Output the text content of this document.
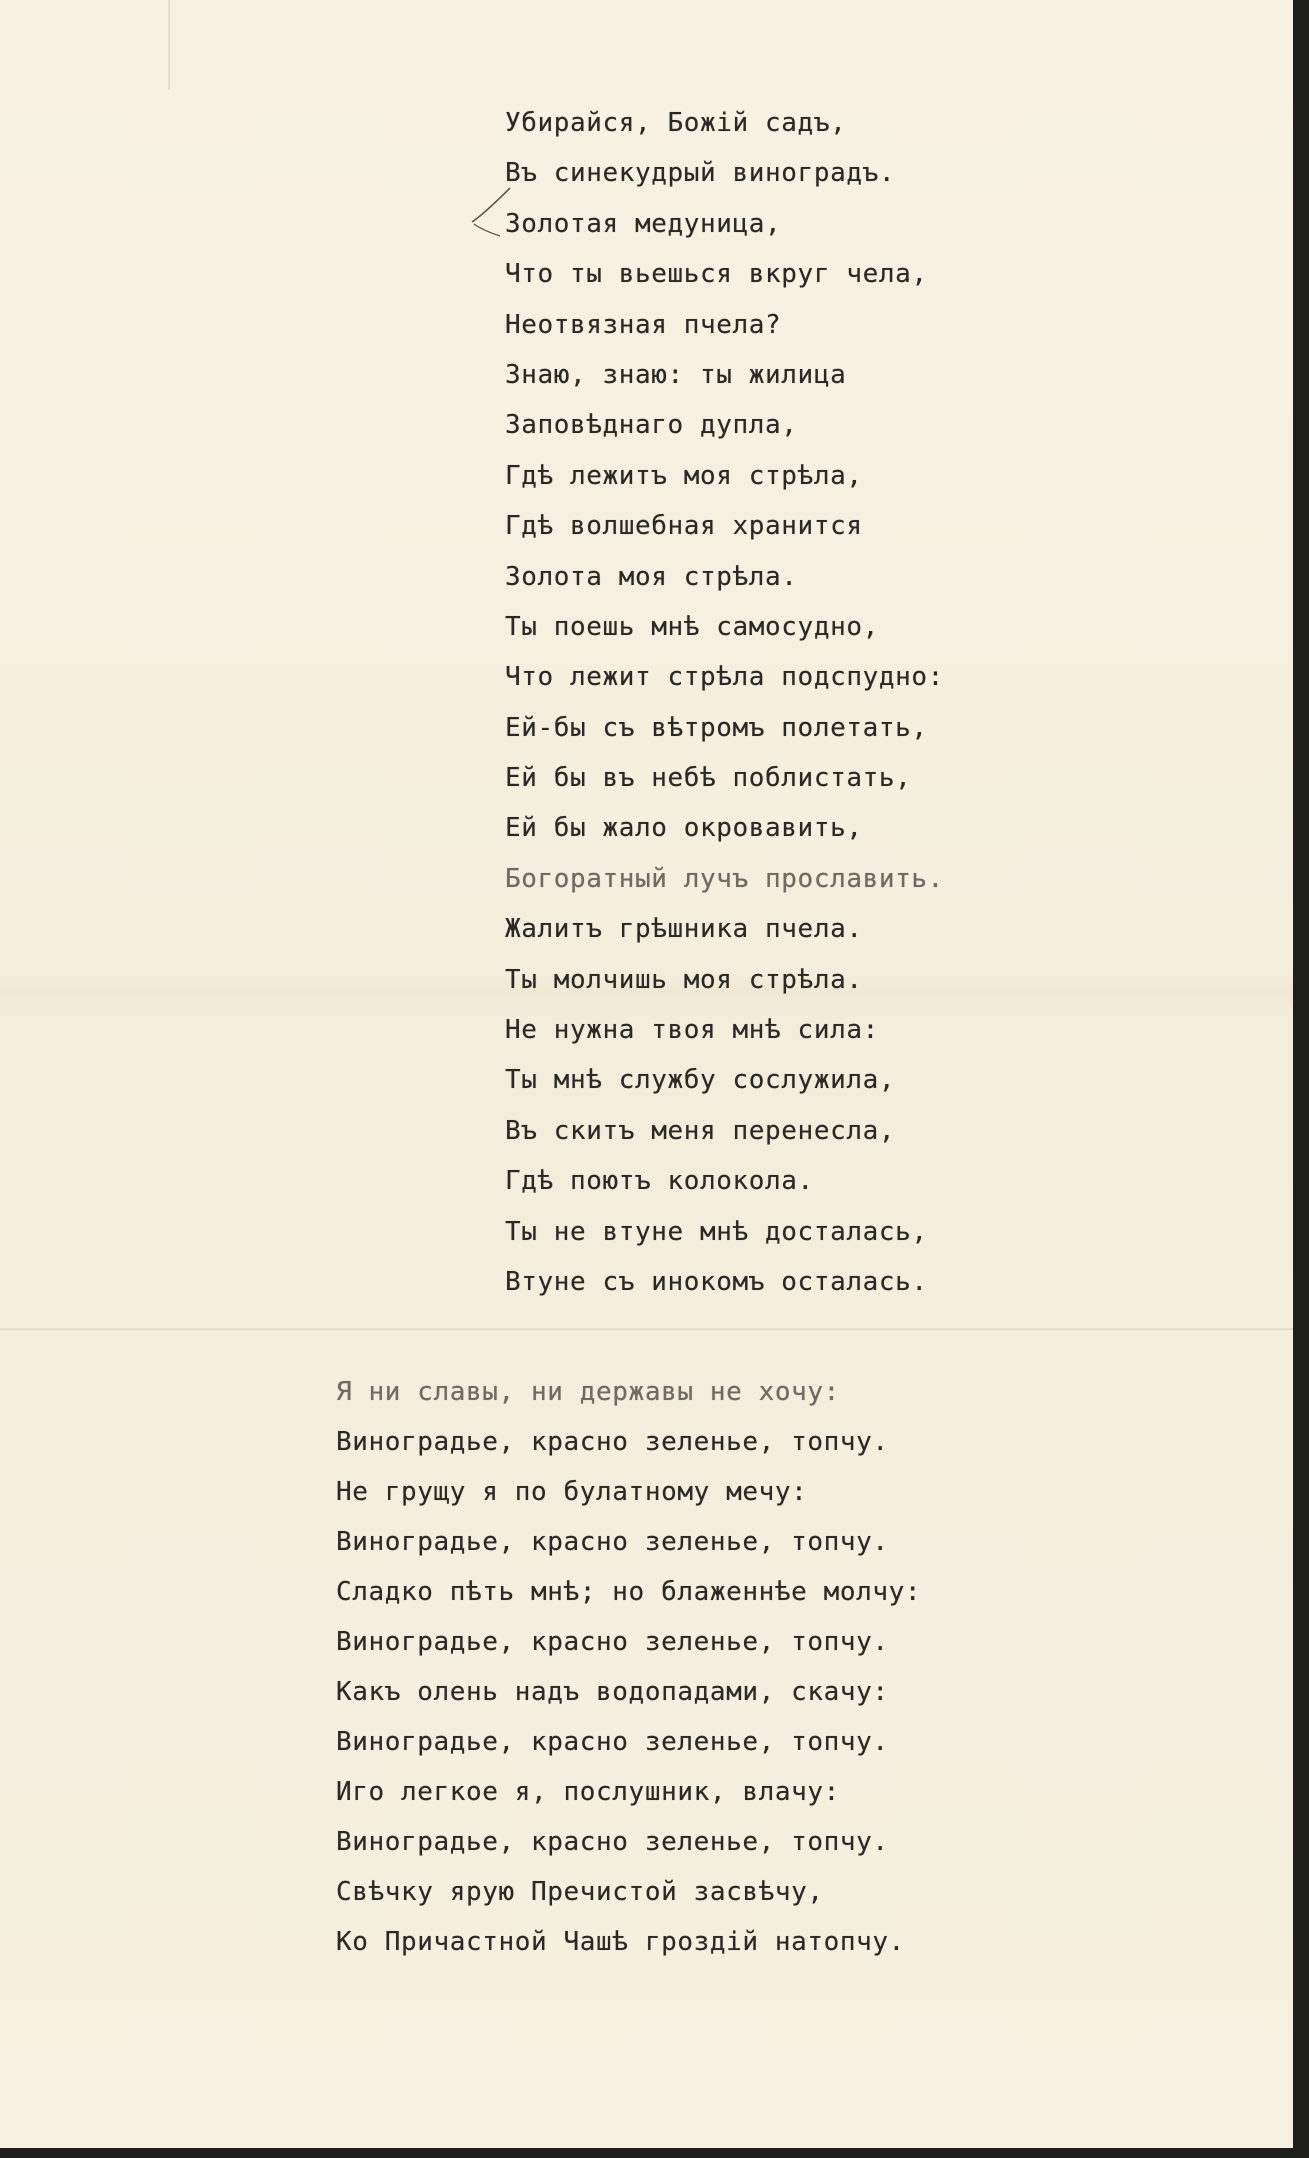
Убирайся, Божiй садъ,
Въ синекудрый виноградъ.
Золотая медуница,
Что ты вьешься вкруг чела,
Неотвязная пчела?
Знаю, знаю: ты жилица
Заповѣднаго дупла,
Гдѣ лежитъ моя стрѣла,
Гдѣ волшебная хранится
Золота моя стрѣла.
Ты поешь мнѣ самосудно,
Что лежит стрѣла подспудно:
Ей-бы съ вѣтромъ полетать,
Ей бы въ небѣ поблистать,
Ей бы жало окровавить,
Богоратный лучъ прославить.
Жалитъ грѣшника пчела.
Ты молчишь моя стрѣла.
Не нужна твоя мнѣ сила:
Ты мнѣ службу сослужила,
Въ скитъ меня перенесла,
Гдѣ поютъ колокола.
Ты не втуне мнѣ досталась,
Втуне съ инокомъ осталась.
Я ни славы, ни державы не хочу:
Виноградье, красно зеленье, топчу.
Не грущу я по булатному мечу:
Виноградье, красно зеленье, топчу.
Сладко пѣть мнѣ; но блаженнѣе молчу:
Виноградье, красно зеленье, топчу.
Какъ олень надъ водопадами, скачу:
Виноградье, красно зеленье, топчу.
Иго легкое я, послушник, влачу:
Виноградье, красно зеленье, топчу.
Свѣчку ярую Пречистой засвѣчу,
Ко Причастной Чашѣ гроздiй натопчу.
